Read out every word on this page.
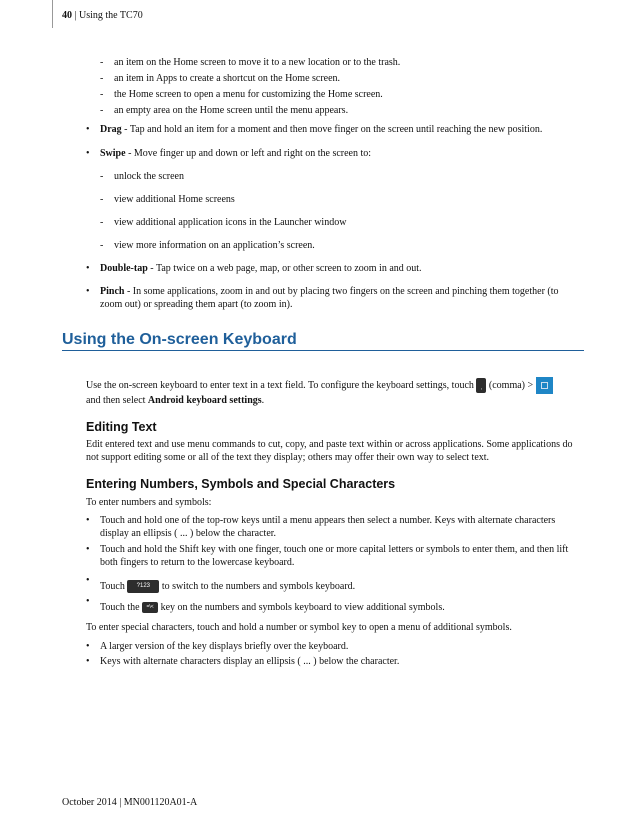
40 | Using the TC70
-	an item on the Home screen to move it to a new location or to the trash.
-	an item in Apps to create a shortcut on the Home screen.
-	the Home screen to open a menu for customizing the Home screen.
-	an empty area on the Home screen until the menu appears.
•	Drag - Tap and hold an item for a moment and then move finger on the screen until reaching the new position.
•	Swipe - Move finger up and down or left and right on the screen to:
-	unlock the screen
-	view additional Home screens
-	view additional application icons in the Launcher window
-	view more information on an application’s screen.
•	Double-tap - Tap twice on a web page, map, or other screen to zoom in and out.
•	Pinch - In some applications, zoom in and out by placing two fingers on the screen and pinching them together (to zoom out) or spreading them apart (to zoom in).
Using the On-screen Keyboard
Use the on-screen keyboard to enter text in a text field. To configure the keyboard settings, touch , (comma) >

and then select Android keyboard settings.
Editing Text
Edit entered text and use menu commands to cut, copy, and paste text within or across applications. Some applications do not support editing some or all of the text they display; others may offer their own way to select text.
Entering Numbers, Symbols and Special Characters
To enter numbers and symbols:
•	Touch and hold one of the top-row keys until a menu appears then select a number. Keys with alternate characters display an ellipsis ( ... ) below the character.
•	Touch and hold the Shift key with one finger, touch one or more capital letters or symbols to enter them, and then lift both fingers to return to the lowercase keyboard.
•
Touch ?123 to switch to the numbers and symbols keyboard.
•
Touch the =\< key on the numbers and symbols keyboard to view additional symbols.
To enter special characters, touch and hold a number or symbol key to open a menu of additional symbols.
•	A larger version of the key displays briefly over the keyboard.
•	Keys with alternate characters display an ellipsis ( ... ) below the character.
October 2014 | MN001120A01-A
